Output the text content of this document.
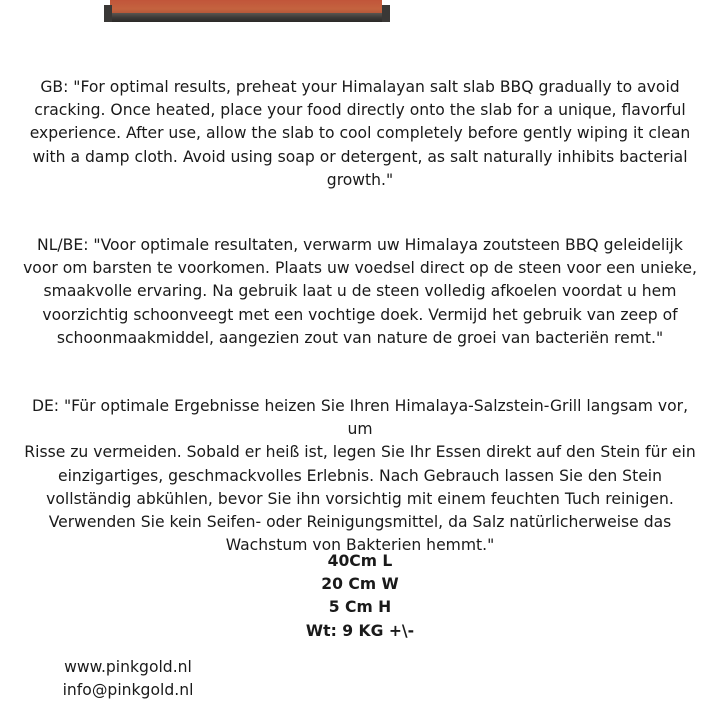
GB: "For optimal results, preheat your Himalayan salt slab BBQ gradually to avoid
cracking. Once heated, place your food directly onto the slab for a unique, flavorful
experience. After use, allow the slab to cool completely before gently wiping it clean
with a damp cloth. Avoid using soap or detergent, as salt naturally inhibits bacterial
growth."

NL/BE: "Voor optimale resultaten, verwarm uw Himalaya zoutsteen BBQ geleidelijk
voor om barsten te voorkomen. Plaats uw voedsel direct op de steen voor een unieke,
smaakvolle ervaring. Na gebruik laat u de steen volledig afkoelen voordat u hem
voorzichtig schoonveegt met een vochtige doek. Vermijd het gebruik van zeep of
schoonmaakmiddel, aangezien zout van nature de groei van bacteriën remt."

DE: "Für optimale Ergebnisse heizen Sie Ihren Himalaya-Salzstein-Grill langsam vor, um
Risse zu vermeiden. Sobald er heiß ist, legen Sie Ihr Essen direkt auf den Stein für ein
einzigartiges, geschmackvolles Erlebnis. Nach Gebrauch lassen Sie den Stein
vollständig abkühlen, bevor Sie ihn vorsichtig mit einem feuchten Tuch reinigen.
Verwenden Sie kein Seifen- oder Reinigungsmittel, da Salz natürlicherweise das
Wachstum von Bakterien hemmt."

40Cm L
20 Cm W
5 Cm H
Wt: 9 KG +\-
www.pinkgold.nl
info@pinkgold.nl
